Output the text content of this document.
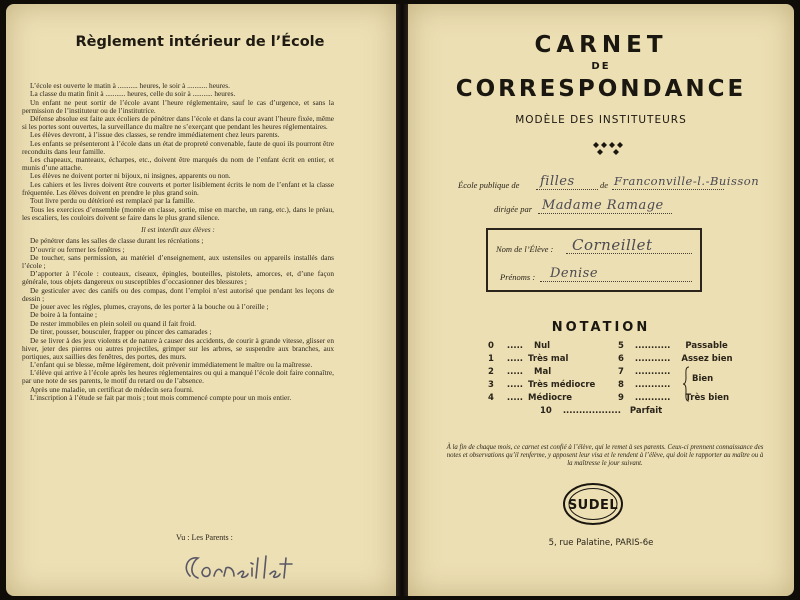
Règlement intérieur de l’École

L’école est ouverte le matin à ........... heures, le soir à ........... heures.

La classe du matin finit à ........... heures, celle du soir à ........... heures.

Un enfant ne peut sortir de l’école avant l’heure réglementaire, sauf le cas d’urgence, et sans la permission de l’instituteur ou de l’institutrice.

Défense absolue est faite aux écoliers de pénétrer dans l’école et dans la cour avant l’heure fixée, même si les portes sont ouvertes, la surveillance du maître ne s’exerçant que pendant les heures réglementaires.

Les élèves devront, à l’issue des classes, se rendre immédiatement chez leurs parents.

Les enfants se présenteront à l’école dans un état de propreté convenable, faute de quoi ils pourront être reconduits dans leur famille.

Les chapeaux, manteaux, écharpes, etc., doivent être marqués du nom de l’enfant écrit en entier, et munis d’une attache.

Les élèves ne doivent porter ni bijoux, ni insignes, apparents ou non.

Les cahiers et les livres doivent être couverts et porter lisiblement écrits le nom de l’enfant et la classe fréquentée. Les élèves doivent en prendre le plus grand soin.

Tout livre perdu ou détérioré est remplacé par la famille.

Tous les exercices d’ensemble (montée en classe, sortie, mise en marche, un rang, etc.), dans le préau, les escaliers, les couloirs doivent se faire dans le plus grand silence.

Il est interdit aux élèves :

De pénétrer dans les salles de classe durant les récréations ;

D’ouvrir ou fermer les fenêtres ;

De toucher, sans permission, au matériel d’enseignement, aux ustensiles ou appareils installés dans l’école ;

D’apporter à l’école : couteaux, ciseaux, épingles, bouteilles, pistolets, amorces, et, d’une façon générale, tous objets dangereux ou susceptibles d’occasionner des blessures ;

De gesticuler avec des canifs ou des compas, dont l’emploi n’est autorisé que pendant les leçons de dessin ;

De jouer avec les règles, plumes, crayons, de les porter à la bouche ou à l’oreille ;

De boire à la fontaine ;

De rester immobiles en plein soleil ou quand il fait froid.

De tirer, pousser, bousculer, frapper ou pincer des camarades ;

De se livrer à des jeux violents et de nature à causer des accidents, de courir à grande vitesse, glisser en hiver, jeter des pierres ou autres projectiles, grimper sur les arbres, se suspendre aux branches, aux portiques, aux saillies des fenêtres, des portes, des murs.

L’enfant qui se blesse, même légèrement, doit prévenir immédiatement le maître ou la maîtresse.

L’élève qui arrive à l’école après les heures réglementaires ou qui a manqué l’école doit faire connaître, par une note de ses parents, le motif du retard ou de l’absence.

Après une maladie, un certificat de médecin sera fourni.

L’inscription à l’étude se fait par mois ; tout mois commencé compte pour un mois entier.

Vu : Les Parents :
CARNET
DE
CORRESPONDANCE
MODÈLE DES INSTITUTEURS
École publique de filles	de Franconville-l.-Buisson
dirigée par Madame Ramage
Nom de l’Élève : Corneillet
Prénoms : Denise
NOTATION
0 ..... Nul
1 ..... Très mal
2 ..... Mal
3 ..... Très médiocre
4 ..... Médiocre
5 ........... Passable
6 ........... Assez bien
7 ...........
8 ...........
9 ........... Très bien
10 .................. Parfait
Bien
À la fin de chaque mois, ce carnet est confié à l’élève, qui le remet à ses parents. Ceux-ci prennent connaissance des notes et observations qu’il renferme, y apposent leur visa et le rendent à l’élève, qui doit le rapporter au maître ou à la maîtresse le jour suivant.
SUDEL
5, rue Palatine, PARIS-6e
